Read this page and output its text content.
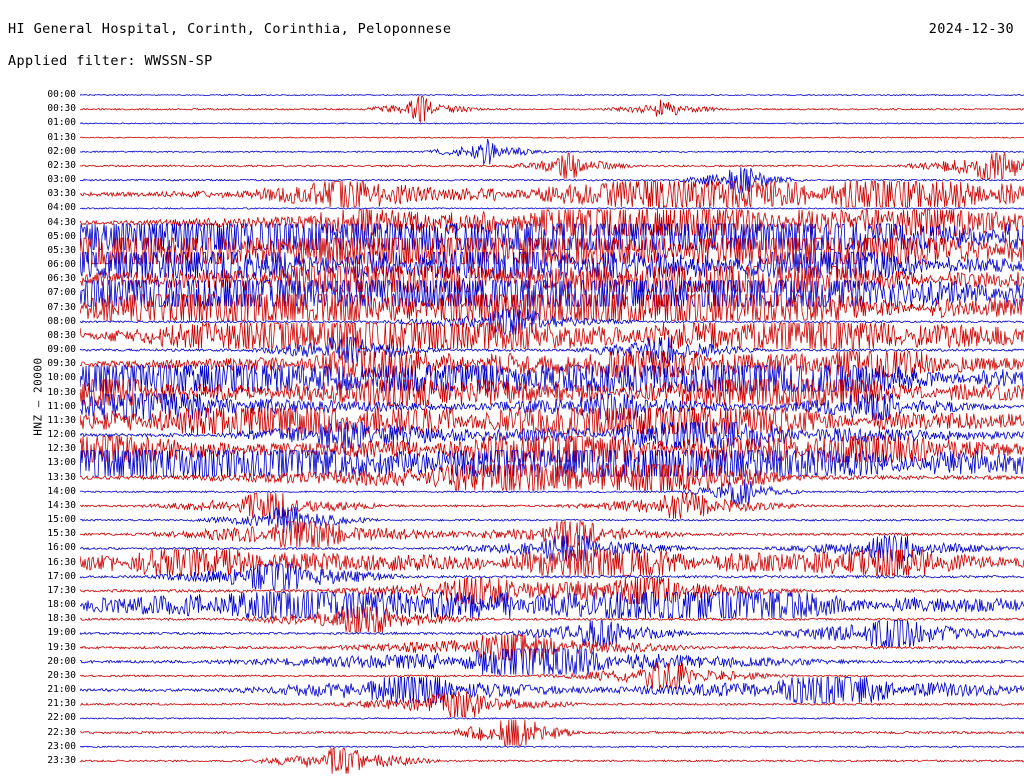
HI General Hospital, Corinth, Corinthia, Peloponnese	2024-12-30
Applied filter: WWSSN-SP
HNZ – 20000
00:00
00:30
01:00
01:30
02:00
02:30
03:00
03:30
04:00
04:30
05:00
05:30
06:00
06:30
07:00
07:30
08:00
08:30
09:00
09:30
10:00
10:30
11:00
11:30
12:00
12:30
13:00
13:30
14:00
14:30
15:00
15:30
16:00
16:30
17:00
17:30
18:00
18:30
19:00
19:30
20:00
20:30
21:00
21:30
22:00
22:30
23:00
23:30
